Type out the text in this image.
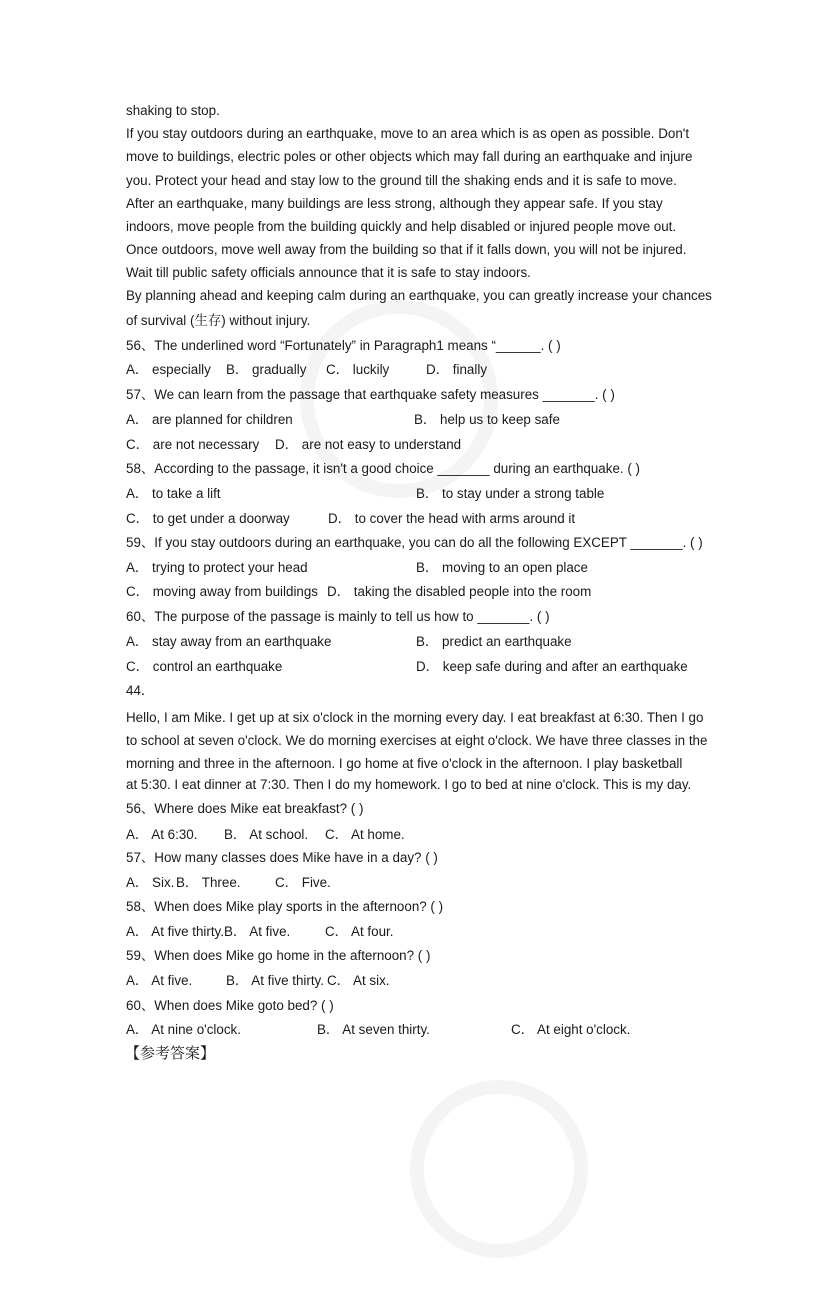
shaking to stop.
If you stay outdoors during an earthquake, move to an area which is as open as possible. Don't
move to buildings, electric poles or other objects which may fall during an earthquake and injure
you. Protect your head and stay low to the ground till the shaking ends and it is safe to move.
After an earthquake, many buildings are less strong, although they appear safe. If you stay
indoors, move people from the building quickly and help disabled or injured people move out.
Once outdoors, move well away from the building so that if it falls down, you will not be injured.
Wait till public safety officials announce that it is safe to stay indoors.
By planning ahead and keeping calm during an earthquake, you can greatly increase your chances
of survival (生存) without injury.
56、The underlined word “Fortunately” in Paragraph1 means “______. ( )
A． especially B． gradually C． luckily	D． finally
57、We can learn from the passage that earthquake safety measures _______. ( )
A． are planned for children	B． help us to keep safe
C． are not necessary D． are not easy to understand
58、According to the passage, it isn't a good choice _______ during an earthquake. ( )
A． to take a lift	B． to stay under a strong table
C． to get under a doorway	D． to cover the head with arms around it
59、If you stay outdoors during an earthquake, you can do all the following EXCEPT _______. ( )
A． trying to protect your head	B． moving to an open place
C． moving away from buildings D． taking the disabled people into the room
60、The purpose of the passage is mainly to tell us how to _______. ( )
A． stay away from an earthquake	B． predict an earthquake
C． control an earthquake	D． keep safe during and after an earthquake
44．
Hello, I am Mike. I get up at six o'clock in the morning every day. I eat breakfast at 6:30. Then I go
to school at seven o'clock. We do morning exercises at eight o'clock. We have three classes in the
morning and three in the afternoon. I go home at five o'clock in the afternoon. I play basketball
at 5:30. I eat dinner at 7:30. Then I do my homework. I go to bed at nine o'clock. This is my day.
56、Where does Mike eat breakfast? ( )
A． At 6:30. B． At school. C． At home.
57、How many classes does Mike have in a day? ( )
A． Six. B． Three.	C． Five.
58、When does Mike play sports in the afternoon? ( )
A． At five thirty. B． At five.	C． At four.
59、When does Mike go home in the afternoon? ( )
A． At five.	B． At five thirty. C． At six.
60、When does Mike goto bed? ( )
A． At nine o'clock.	B． At seven thirty.	C． At eight o'clock.
【参考答案】
